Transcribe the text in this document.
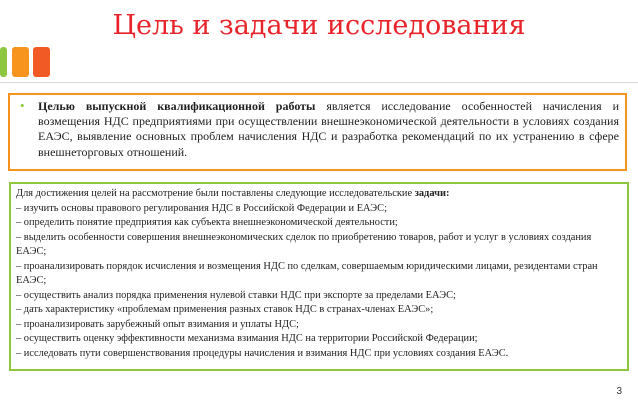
Цель и задачи исследования
• Целью выпускной квалификационной работы является исследование особенностей начисления и возмещения НДС предприятиями при осуществлении внешнеэкономической деятельности в условиях создания ЕАЭС, выявление основных проблем начисления НДС и разработка рекомендаций по их устранению в сфере внешнеторговых отношений.
Для достижения целей на рассмотрение были поставлены следующие исследовательские задачи:
– изучить основы правового регулирования НДС в Российской Федерации и ЕАЭС;
– определить понятие предприятия как субъекта внешнеэкономической деятельности;
– выделить особенности совершения внешнеэкономических сделок по приобретению товаров, работ и услуг в условиях создания ЕАЭС;
– проанализировать порядок исчисления и возмещения НДС по сделкам, совершаемым юридическими лицами, резидентами стран ЕАЭС;
– осуществить анализ порядка применения нулевой ставки НДС при экспорте за пределами ЕАЭС;
– дать характеристику «проблемам применения разных ставок НДС в странах-членах ЕАЭС»;
– проанализировать зарубежный опыт взимания и уплаты НДС;
– осуществить оценку эффективности механизма взимания НДС на территории Российской Федерации;
– исследовать пути совершенствования процедуры начисления и взимания НДС при условиях создания ЕАЭС.
3
